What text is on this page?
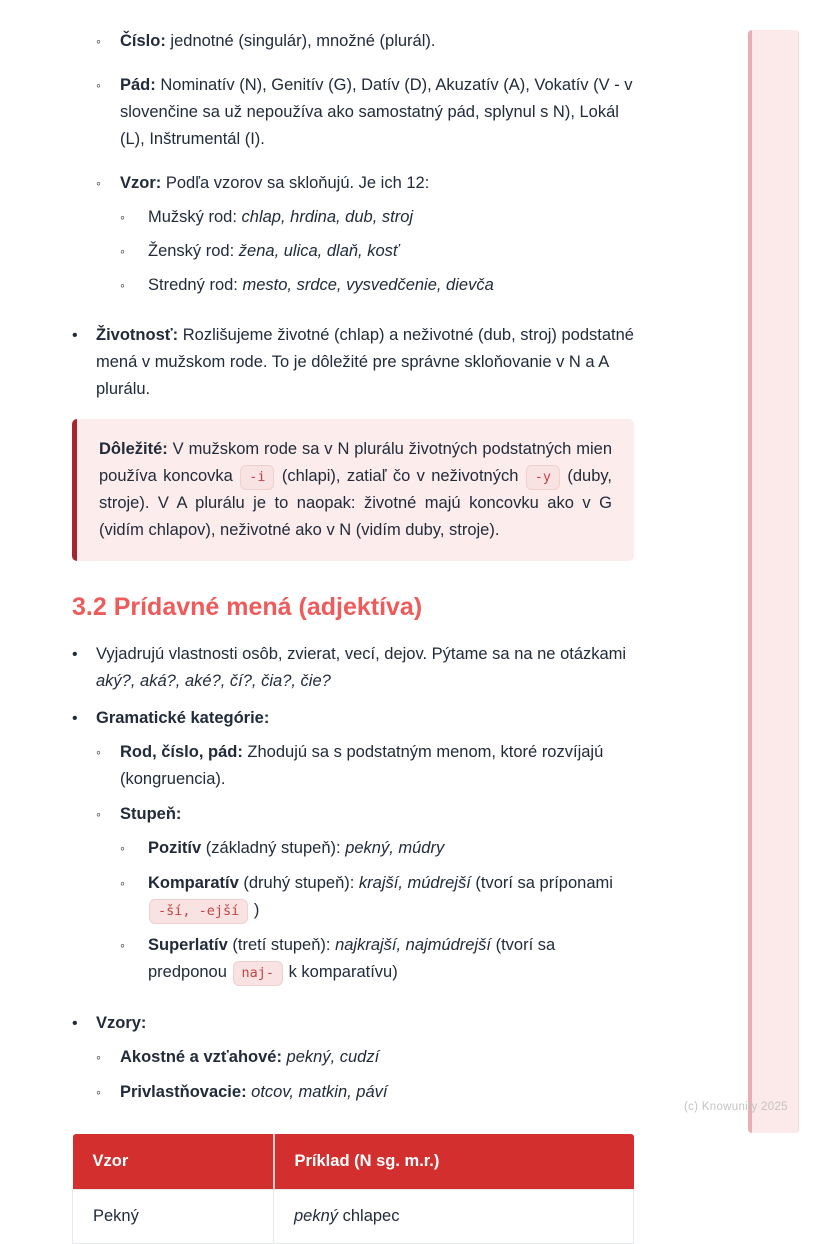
◦	Číslo: jednotné (singulár), množné (plurál).
◦	Pád: Nominatív (N), Genitív (G), Datív (D), Akuzatív (A), Vokatív (V - v slovenčine sa už nepoužíva ako samostatný pád, splynul s N), Lokál (L), Inštrumentál (I).
◦	Vzor: Podľa vzorov sa skloňujú. Je ich 12:
◦	Mužský rod: chlap, hrdina, dub, stroj
◦	Ženský rod: žena, ulica, dlaň, kosť
◦	Stredný rod: mesto, srdce, vysvedčenie, dievča
•	Životnosť: Rozlišujeme životné (chlap) a neživotné (dub, stroj) podstatné mená v mužskom rode. To je dôležité pre správne skloňovanie v N a A plurálu.
Dôležité: V mužskom rode sa v N plurálu životných podstatných mien používa koncovka -i (chlapi), zatiaľ čo v neživotných -y (duby, stroje). V A plurálu je to naopak: životné majú koncovku ako v G (vidím chlapov), neživotné ako v N (vidím duby, stroje).
3.2 Prídavné mená (adjektíva)
•	Vyjadrujú vlastnosti osôb, zvierat, vecí, dejov. Pýtame sa na ne otázkami aký?, aká?, aké?, čí?, čia?, čie?
•	Gramatické kategórie:
◦	Rod, číslo, pád: Zhodujú sa s podstatným menom, ktoré rozvíjajú (kongruencia).
◦	Stupeň:
◦	Pozitív (základný stupeň): pekný, múdry
◦	Komparatív (druhý stupeň): krajší, múdrejší (tvorí sa príponami -ší, -ejší )
◦	Superlatív (tretí stupeň): najkrajší, najmúdrejší (tvorí sa predponou naj- k komparatívu)
•	Vzory:
◦	Akostné a vzťahové: pekný, cudzí
◦	Privlastňovacie: otcov, matkin, páví
Vzor	Príklad (N sg. m.r.)
Pekný	pekný chlapec
(c) Knowunity 2025
